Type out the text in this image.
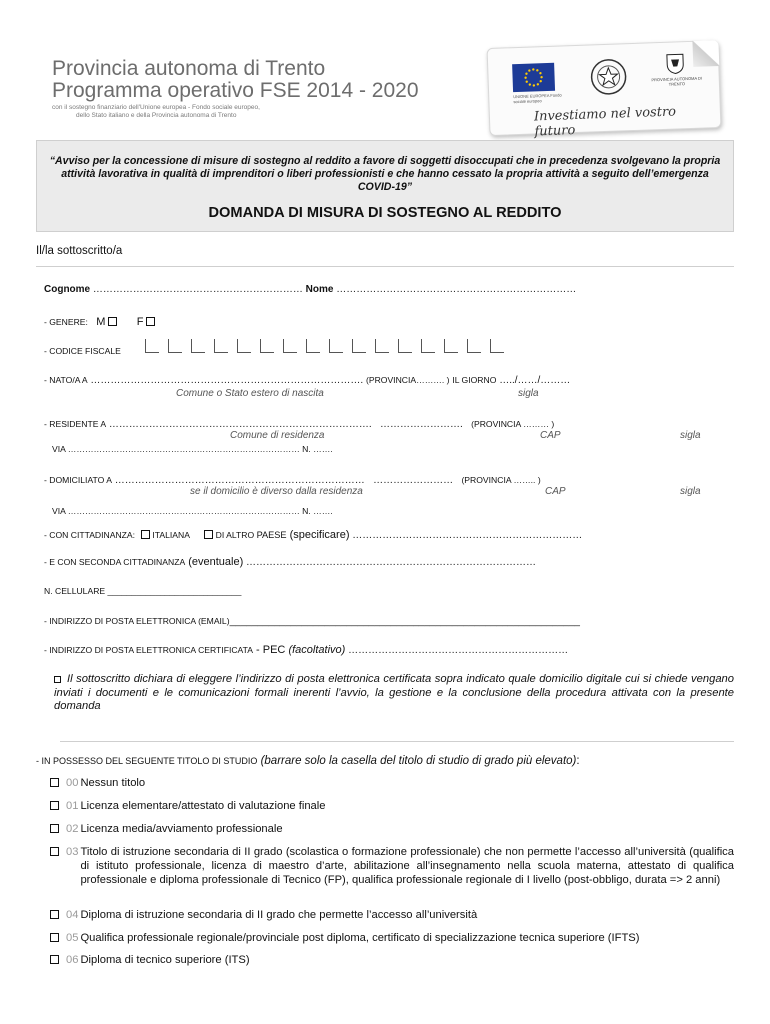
Provincia autonoma di Trento
Programma operativo FSE 2014 - 2020
con il sostegno finanziario dell'Unione europea - Fondo sociale europeo,
dello Stato italiano e della Provincia autonoma di Trento
UNIONE EUROPEA Fondo sociale europeo
PROVINCIA AUTONOMA DI TRENTO
Investiamo nel vostro futuro
“Avviso per la concessione di misure di sostegno al reddito a favore di soggetti disoccupati che in precedenza svolgevano la propria attività lavorativa in qualità di imprenditori o liberi professionisti e che hanno cessato la propria attività a seguito dell’emergenza COVID-19”
DOMANDA DI MISURA DI SOSTEGNO AL REDDITO
Il/la sottoscritto/a
Cognome ……………………………………………………… Nome ………………………………………………………………
- GENERE: M	F
- CODICE FISCALE
- NATO/A A ………………………………………………………………………. (PROVINCIA………. ) IL GIORNO …../……/………
Comune o Stato estero di nascita	sigla
- RESIDENTE A ……………………………………………………………………. ……………………. (PROVINCIA ……… )
Comune di residenza	CAP	sigla
VIA ……………………………………………………………………… N. …….
- DOMICILIATO A ………………………………………………………………… …………………… (PROVINCIA …….. )
se il domicilio è diverso dalla residenza	CAP	sigla
VIA ……………………………………………………………………… N. …….
- CON CITTADINANZA: ITALIANA	DI ALTRO PAESE (specificare) ……………………………………………………………
- E CON SECONDA CITTADINANZA (eventuale) ……………………………………………………………………………
N. CELLULARE ____________________________
- INDIRIZZO DI POSTA ELETTRONICA (EMAIL)_______________________________________________________________
- INDIRIZZO DI POSTA ELETTRONICA CERTIFICATA - PEC (facoltativo) …………………………………………………………
Il sottoscritto dichiara di eleggere l’indirizzo di posta elettronica certificata sopra indicato quale domicilio digitale cui si chiede vengano inviati i documenti e le comunicazioni formali inerenti l’avvio, la gestione e la conclusione della procedura attivata con la presente domanda
- IN POSSESSO DEL SEGUENTE TITOLO DI STUDIO (barrare solo la casella del titolo di studio di grado più elevato):
00 Nessun titolo
01 Licenza elementare/attestato di valutazione finale
02 Licenza media/avviamento professionale
03 Titolo di istruzione secondaria di II grado (scolastica o formazione professionale) che non permette l’accesso all’università (qualifica di istituto professionale, licenza di maestro d’arte, abilitazione all’insegnamento nella scuola materna, attestato di qualifica professionale e diploma professionale di Tecnico (FP), qualifica professionale regionale di I livello (post-obbligo, durata => 2 anni)
04 Diploma di istruzione secondaria di II grado che permette l’accesso all’università
05 Qualifica professionale regionale/provinciale post diploma, certificato di specializzazione tecnica superiore (IFTS)
06 Diploma di tecnico superiore (ITS)
